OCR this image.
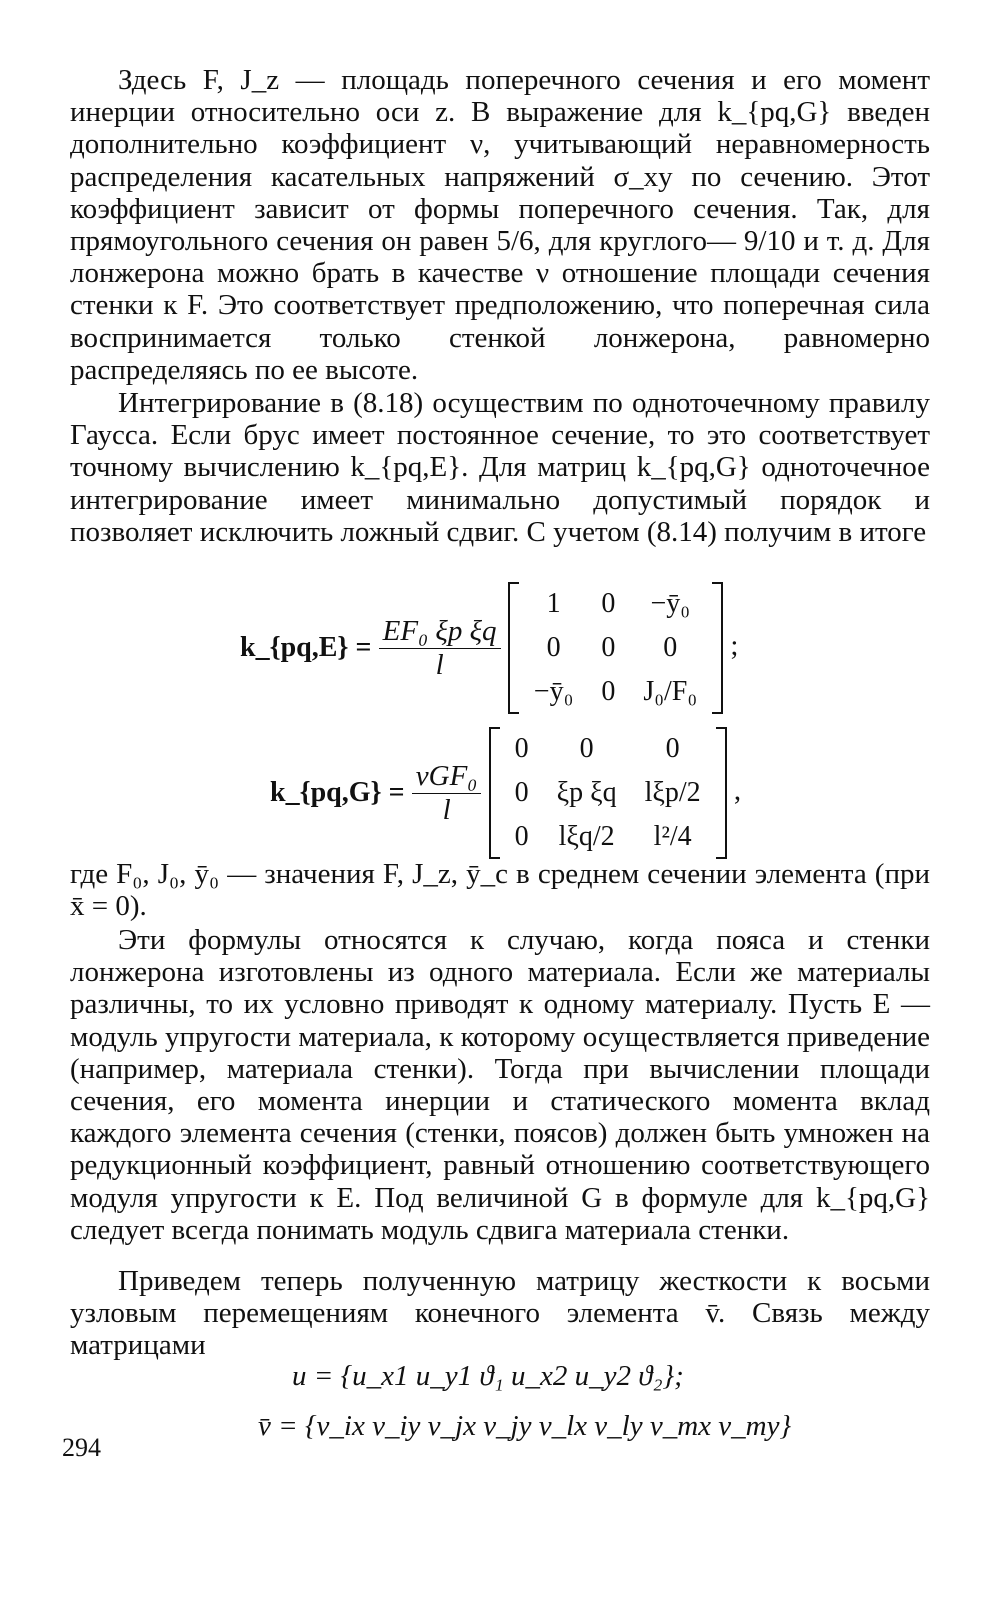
Здесь F, J_z — площадь поперечного сечения и его момент инерции относительно оси z. В выражение для k_{pq,G} введен дополнительно коэффициент ν, учитывающий неравномерность распределения касательных напряжений σ_xy по сечению. Этот коэффициент зависит от формы поперечного сечения. Так, для прямоугольного сечения он равен 5/6, для круглого— 9/10 и т. д. Для лонжерона можно брать в качестве ν отношение площади сечения стенки к F. Это соответствует предположению, что поперечная сила воспринимается только стенкой лонжерона, равномерно распределяясь по ее высоте.

Интегрирование в (8.18) осуществим по одноточечному правилу Гаусса. Если брус имеет постоянное сечение, то это соответствует точному вычислению k_{pq,E}. Для матриц k_{pq,G} одноточечное интегрирование имеет минимально допустимый порядок и позволяет исключить ложный сдвиг. С учетом (8.14) получим в итоге

k_{pq,E} = $\frac{\text{EF₀ ξp ξq}}{l}$

1	0	−ȳ₀
0	0	0
−ȳ₀	0	J₀/F₀
;
k_{pq,G} = $\frac{\text{νGF₀}}{l}$

0	0	0
0	ξp ξq	lξp/2
0	lξq/2	l²/4
,

где F₀, J₀, ȳ₀ — значения F, J_z, ȳ_c в среднем сечении элемента (при x̄ = 0).

Эти формулы относятся к случаю, когда пояса и стенки лонжерона изготовлены из одного материала. Если же материалы различны, то их условно приводят к одному материалу. Пусть E — модуль упругости материала, к которому осуществляется приведение (например, материала стенки). Тогда при вычислении площади сечения, его момента инерции и статического момента вклад каждого элемента сечения (стенки, поясов) должен быть умножен на редукционный коэффициент, равный отношению соответствующего модуля упругости к E. Под величиной G в формуле для k_{pq,G} следует всегда понимать модуль сдвига материала стенки.

Приведем теперь полученную матрицу жесткости к восьми узловым перемещениям конечного элемента v̄. Связь между матрицами

u = {u_x1 u_y1 ϑ₁ u_x2 u_y2 ϑ₂};
v̄ = {v_ix v_iy v_jx v_jy v_lx v_ly v_mx v_my}
294
